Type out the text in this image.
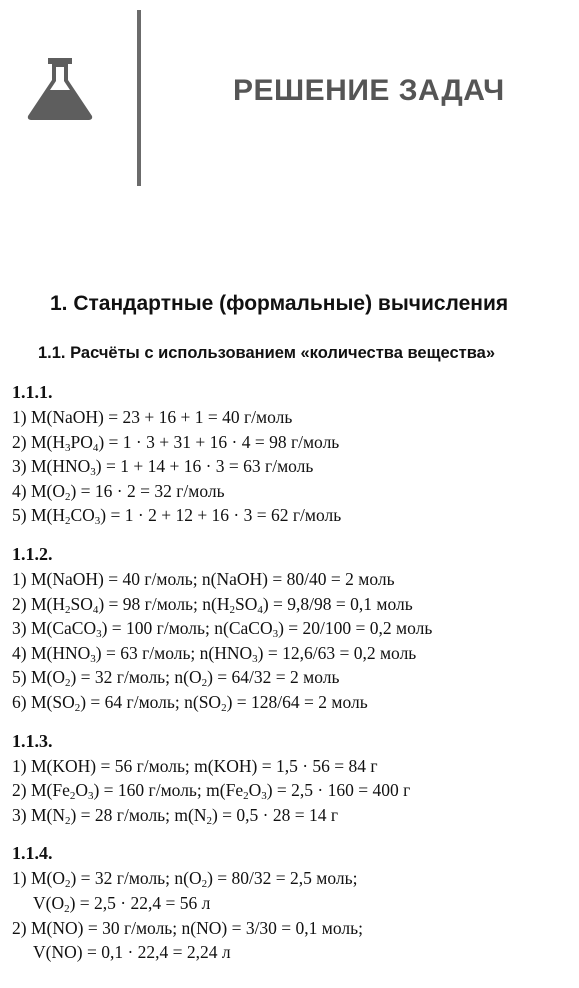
РЕШЕНИЕ ЗАДАЧ
1. Стандартные (формальные) вычисления
1.1. Расчёты с использованием «количества вещества»
1.1.1.
1) M(NaOH) = 23 + 16 + 1 = 40 г/моль
2) $M(H_3PO_4) = 1 \cdot 3 + 31 + 16 \cdot 4 = 98$ г/моль
3) $M(HNO_3) = 1 + 14 + 16 \cdot 3 = 63$ г/моль
4) $M(O_2) = 16 \cdot 2 = 32$ г/моль
5) $M(H_2CO_3) = 1 \cdot 2 + 12 + 16 \cdot 3 = 62$ г/моль
1.1.2.
1) M(NaOH) = 40 г/моль; n(NaOH) = 80/40 = 2 моль
2) $M(H_2SO_4) = 98$ г/моль; $n(H_2SO_4) = 9,8/98 = 0,1$ моль
3) M(CaCO$_3$) = 100 г/моль; n(CaCO$_3$) = 20/100 = 0,2 моль
4) $M(HNO_3) = 63$ г/моль; $n(HNO_3) = 12,6/63 = 0,2$ моль
5) $M(O_2) = 32$ г/моль; $n(O_2) = 64/32 = 2$ моль
6) $M(SO_2) = 64$ г/моль; $n(SO_2) = 128/64 = 2$ моль
1.1.3.
1) M(KOH) = 56 г/моль; m(KOH) = 1,5 · 56 = 84 г
2) $M(Fe_2O_3) = 160$ г/моль; $m(Fe_2O_3) = 2,5 \cdot 160 = 400$ г
3) $M(N_2) = 28$ г/моль; $m(N_2) = 0,5 \cdot 28 = 14$ г
1.1.4.
1) $M(O_2) = 32$ г/моль; $n(O_2) = 80/32 = 2,5$ моль;
$V(O_2) = 2,5 \cdot 22,4 = 56$ л
2) M(NO) = 30 г/моль; n(NO) = 3/30 = 0,1 моль;
V(NO) = 0,1 · 22,4 = 2,24 л
